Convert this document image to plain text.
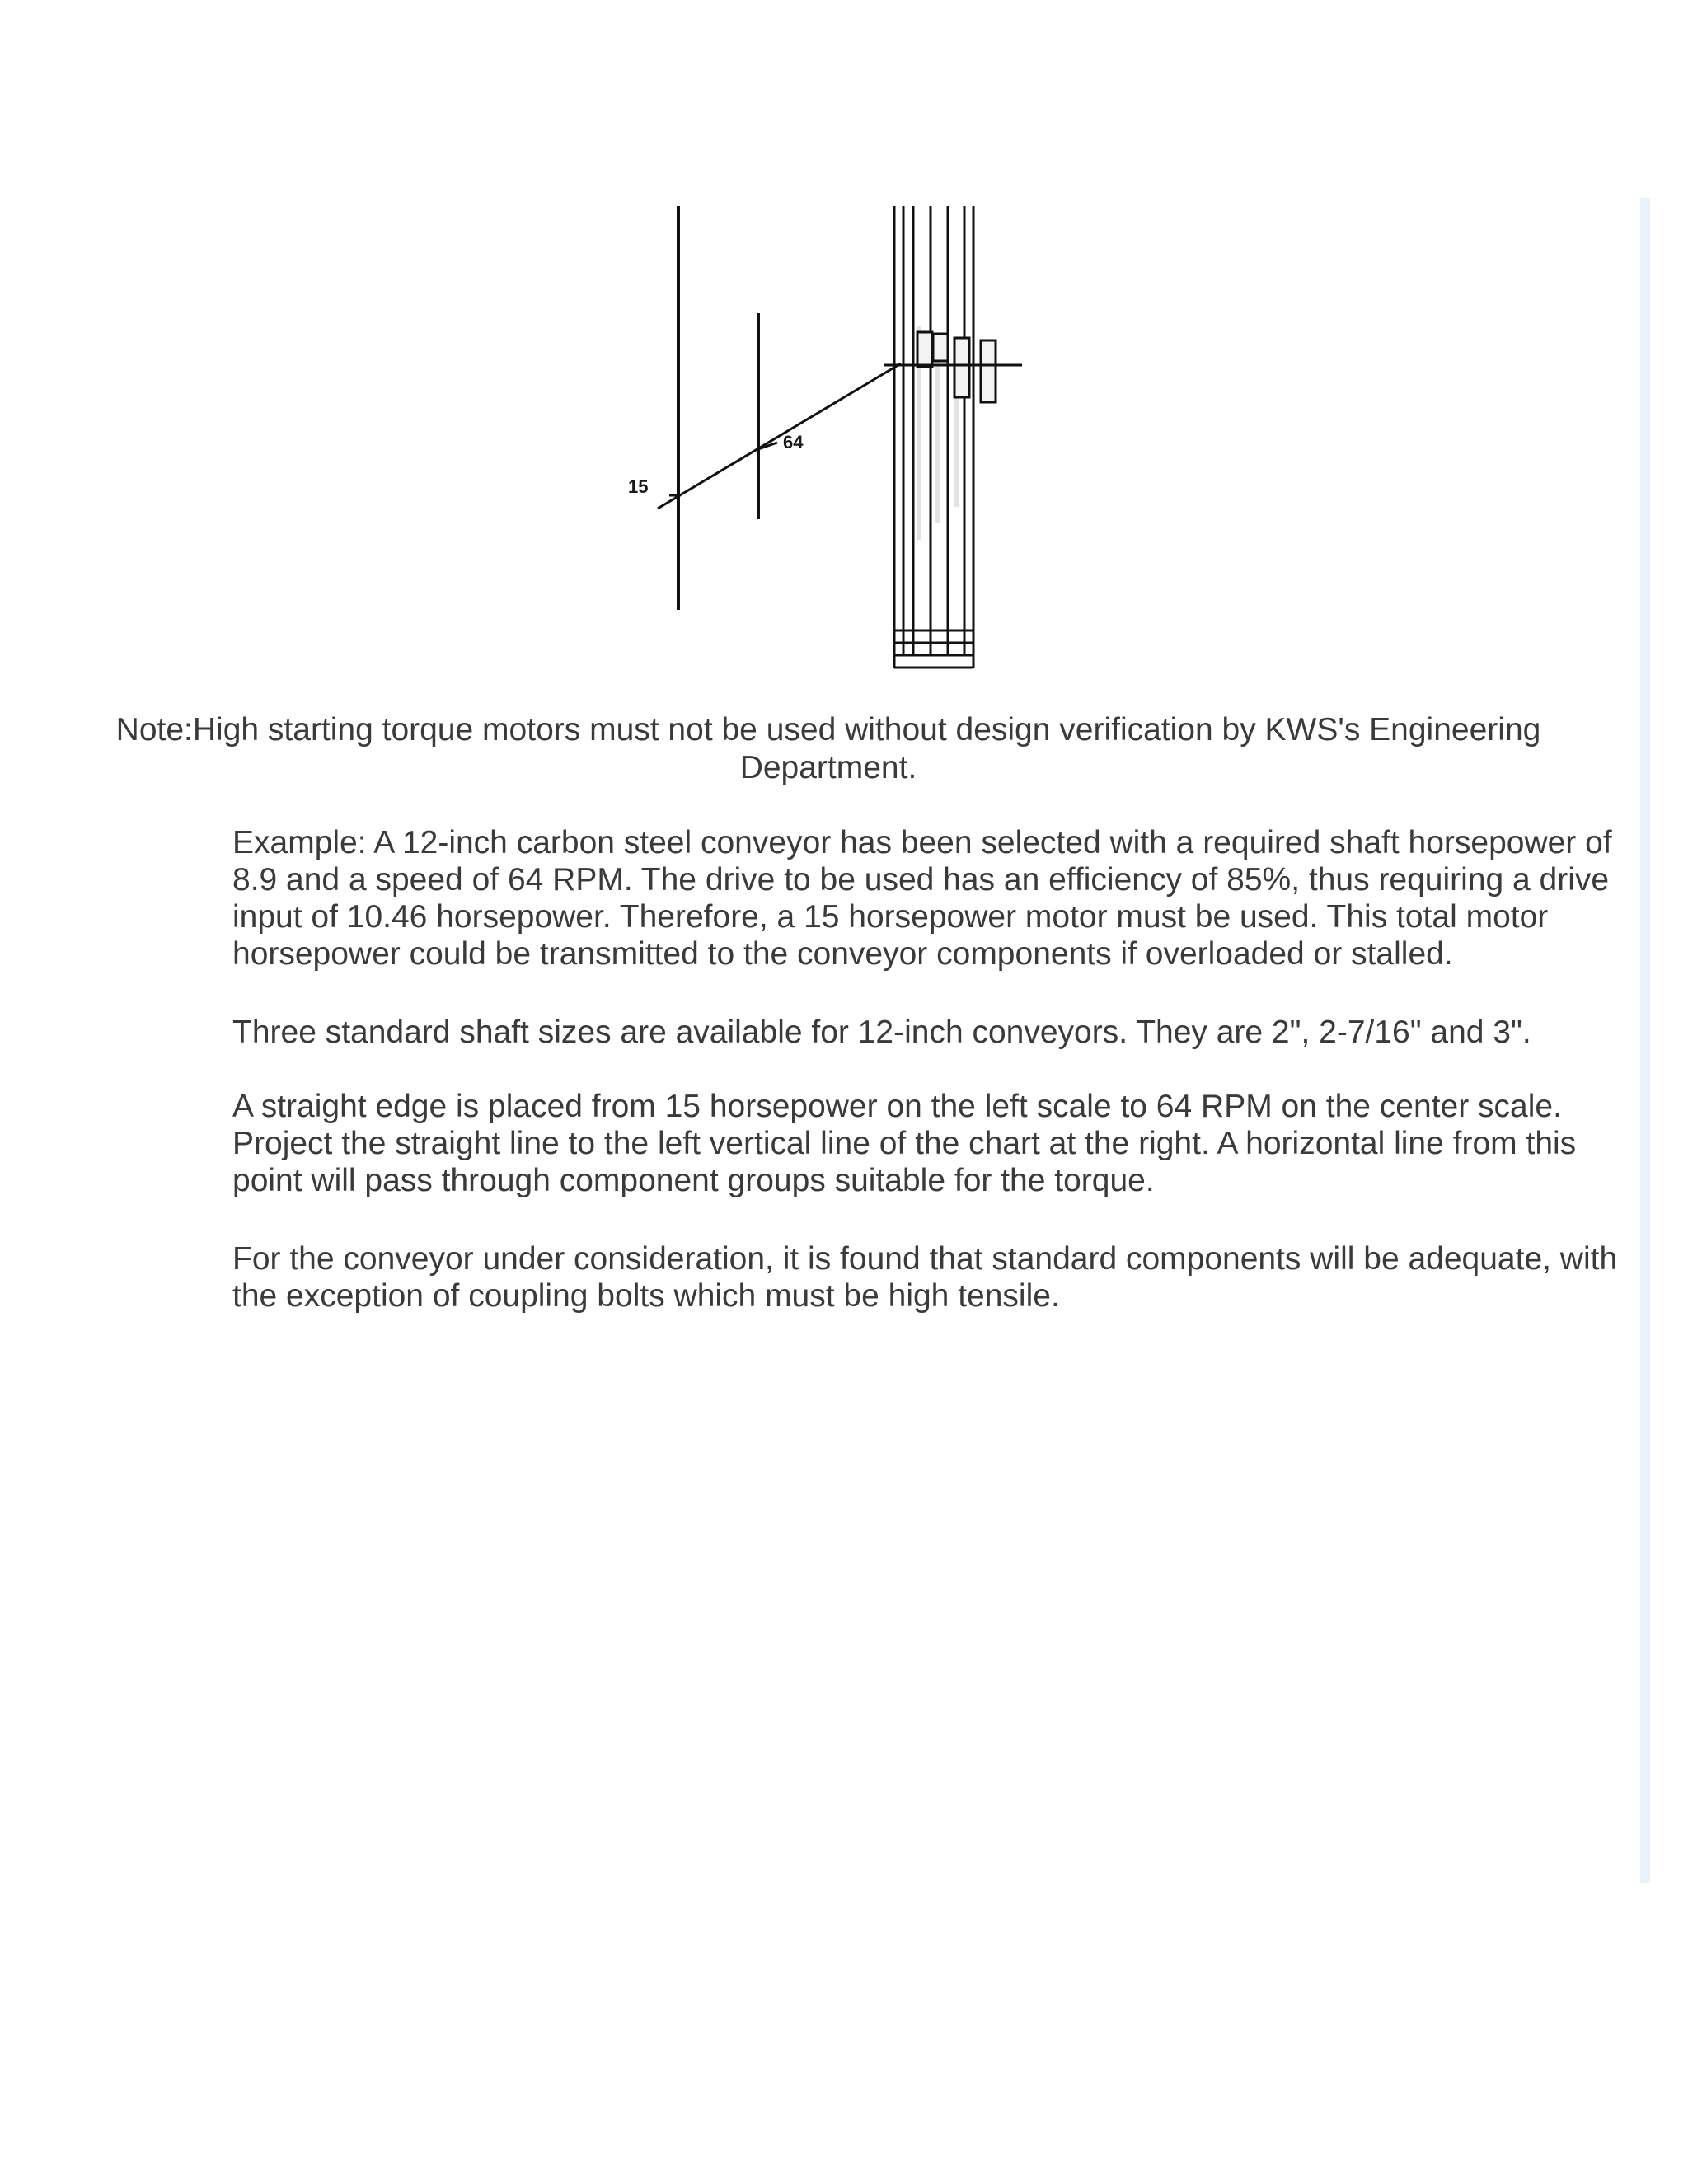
15
64
Note:High starting torque motors must not be used without design verification by KWS's Engineering Department.

Example: A 12-inch carbon steel conveyor has been selected with a required shaft horsepower of 8.9 and a speed of 64 RPM. The drive to be used has an efficiency of 85%, thus requiring a drive input of 10.46 horsepower. Therefore, a 15 horsepower motor must be used. This total motor horsepower could be transmitted to the conveyor components if overloaded or stalled.

Three standard shaft sizes are available for 12-inch conveyors. They are 2", 2-7/16" and 3".

A straight edge is placed from 15 horsepower on the left scale to 64 RPM on the center scale. Project the straight line to the left vertical line of the chart at the right. A horizontal line from this point will pass through component groups suitable for the torque.

For the conveyor under consideration, it is found that standard components will be adequate, with the exception of coupling bolts which must be high tensile.
